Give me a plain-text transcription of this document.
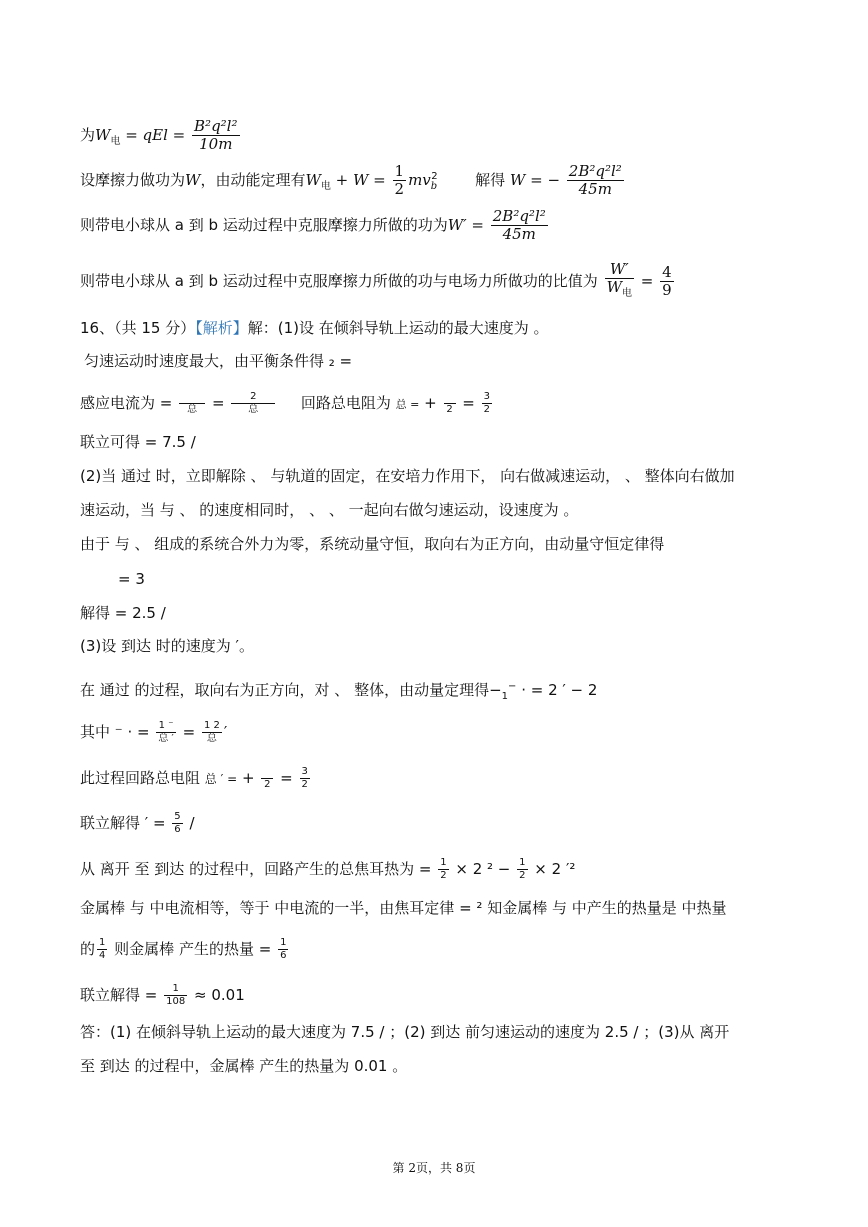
为$W_电$ = qEl = $\frac{\text{B²q²l²}}{10m}$
设摩擦力做功为W，由动能定理有$W_电 + W = \frac{1}{2} mv_b^2$	解得 W = − $\frac{\text{2B²q²l²}}{45m}$
则带电小球从 a 到 b 运动过程中克服摩擦力所做的功为$W' = \frac{\text{2B²q²l²}}{45m}$
则带电小球从 a 到 b 运动过程中克服摩擦力所做的功与电场力所做功的比值为 $\frac{W'}{W_电} = \frac{4}{9}$
16、（共 15 分）【解析】解：(1)设 在倾斜导轨上运动的最大速度为 。
匀速运动时速度最大，由平衡条件得 ₂ =
感应电流为 =
	总 = $\frac{2}{\text{总}}$ 回路总电阻为 总 = +
$2 = \frac{3}{2}$
联立可得 = 7.5 /
(2)当 通过 时，立即解除 、 与轨道的固定，在安培力作用下， 向右做减速运动， 、 整体向右做加
速运动，当 与 、 的速度相同时， 、 、 一起向右做匀速运动，设速度为 。
由于 与 、 组成的系统合外力为零，系统动量守恒，取向右为正方向，由动量守恒定律得
= 3
解得 = 2.5 /
(3)设 到达 时的速度为 ′。
在 通过 的过程，取向右为正方向，对 、 整体，由动量定理得$-_1^-$ · = 2 ′ − 2
其中 ⁻ · = $\frac{1 ^-}{\text{总 ′}} = \frac{1 2}{\text{总}}$ ′
此过程回路总电阻 总 ′ = +
$2 = \frac{3}{2}$
联立解得 ′ = $\frac{5}{6}$ /
从 离开 至 到达 的过程中，回路产生的总焦耳热为 = $\frac{1}{2} \times 2$ $^2 - \frac{1}{2} \times 2$ ′²
金属棒 与 中电流相等，等于 中电流的一半，由焦耳定律 = ² 知金属棒 与 中产生的热量是 中热量
的 $\frac{1}{4}$ 则金属棒 产生的热量 = $\frac{1}{6}$
联立解得 = $\frac{1}{108} \approx 0.01$
答：(1) 在倾斜导轨上运动的最大速度为 7.5 / ；(2) 到达 前匀速运动的速度为 2.5 / ；(3)从 离开
至 到达 的过程中，金属棒 产生的热量为 0.01 。
第 2页，共 8页
